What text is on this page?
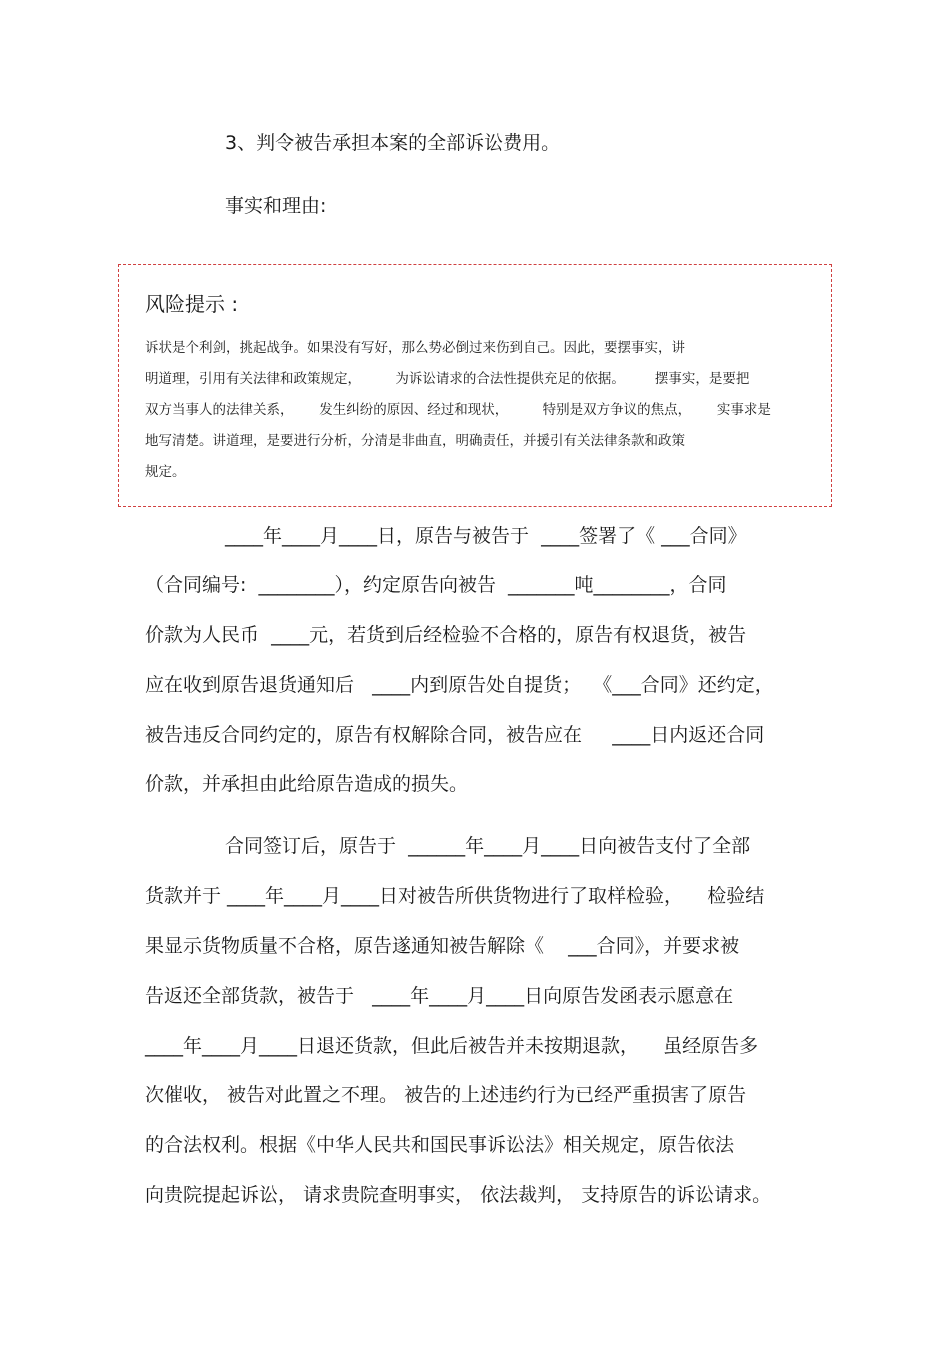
3、判令被告承担本案的全部诉讼费用。
事实和理由:
风险提示 :
诉状是个利剑，挑起战争。如果没有写好，那么势必倒过来伤到自己。因此，要摆事实，讲
明道理，引用有关法律和政策规定，        为诉讼请求的合法性提供充足的依据。       摆事实，是要把
双方当事人的法律关系，      发生纠纷的原因、经过和现状，        特别是双方争议的焦点，      实事求是
地写清楚。讲道理，是要进行分析，分清是非曲直，明确责任，并援引有关法律条款和政策
规定。
____年____月____日，原告与被告于  ____签署了《 ___合同》
（合同编号:  ________），约定原告向被告  _______吨________，合同
价款为人民币  ____元，若货到后经检验不合格的，原告有权退货，被告
应在收到原告退货通知后   ____内到原告处自提货；  《___合同》还约定，
被告违反合同约定的，原告有权解除合同，被告应在     ____日内返还合同
价款，并承担由此给原告造成的损失。
合同签订后，原告于  ______年____月____日向被告支付了全部
货款并于 ____年____月____日对被告所供货物进行了取样检验，    检验结
果显示货物质量不合格，原告遂通知被告解除《    ___合同》，并要求被
告返还全部货款，被告于   ____年____月____日向原告发函表示愿意在
____年____月____日退还货款，但此后被告并未按期退款，    虽经原告多
次催收， 被告对此置之不理。 被告的上述违约行为已经严重损害了原告
的合法权利。根据《中华人民共和国民事诉讼法》相关规定，原告依法
向贵院提起诉讼， 请求贵院查明事实， 依法裁判， 支持原告的诉讼请求。
